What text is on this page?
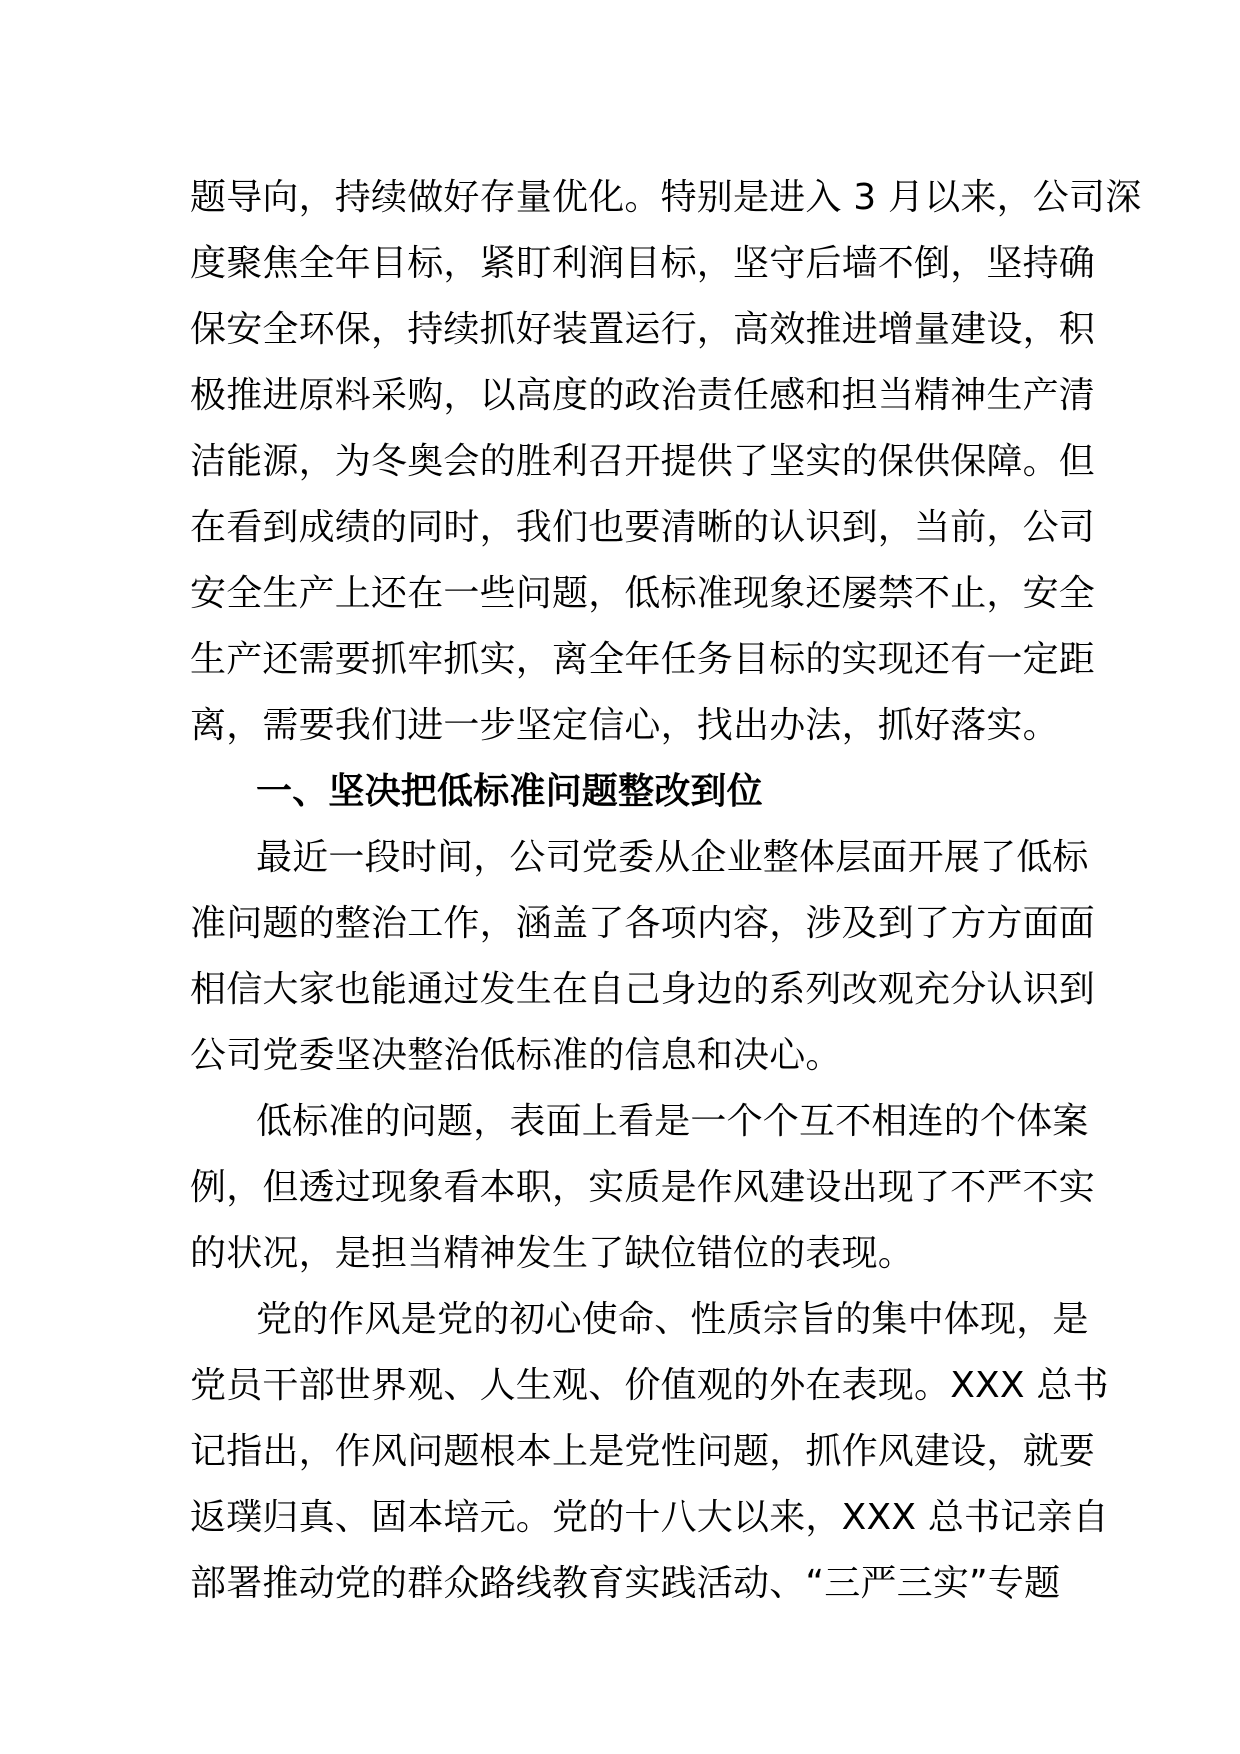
题导向，持续做好存量优化。特别是进入 3 月以来，公司深
度聚焦全年目标，紧盯利润目标，坚守后墙不倒，坚持确
保安全环保，持续抓好装置运行，高效推进增量建设，积
极推进原料采购，以高度的政治责任感和担当精神生产清
洁能源，为冬奥会的胜利召开提供了坚实的保供保障。但
在看到成绩的同时，我们也要清晰的认识到，当前，公司
安全生产上还在一些问题，低标准现象还屡禁不止，安全
生产还需要抓牢抓实，离全年任务目标的实现还有一定距
离，需要我们进一步坚定信心，找出办法，抓好落实。
一、坚决把低标准问题整改到位
最近一段时间，公司党委从企业整体层面开展了低标
准问题的整治工作，涵盖了各项内容，涉及到了方方面面
相信大家也能通过发生在自己身边的系列改观充分认识到
公司党委坚决整治低标准的信息和决心。
低标准的问题，表面上看是一个个互不相连的个体案
例，但透过现象看本职，实质是作风建设出现了不严不实
的状况，是担当精神发生了缺位错位的表现。
党的作风是党的初心使命、性质宗旨的集中体现，是
党员干部世界观、人生观、价值观的外在表现。XXX 总书
记指出，作风问题根本上是党性问题，抓作风建设，就要
返璞归真、固本培元。党的十八大以来，XXX 总书记亲自
部署推动党的群众路线教育实践活动、“三严三实”专题
